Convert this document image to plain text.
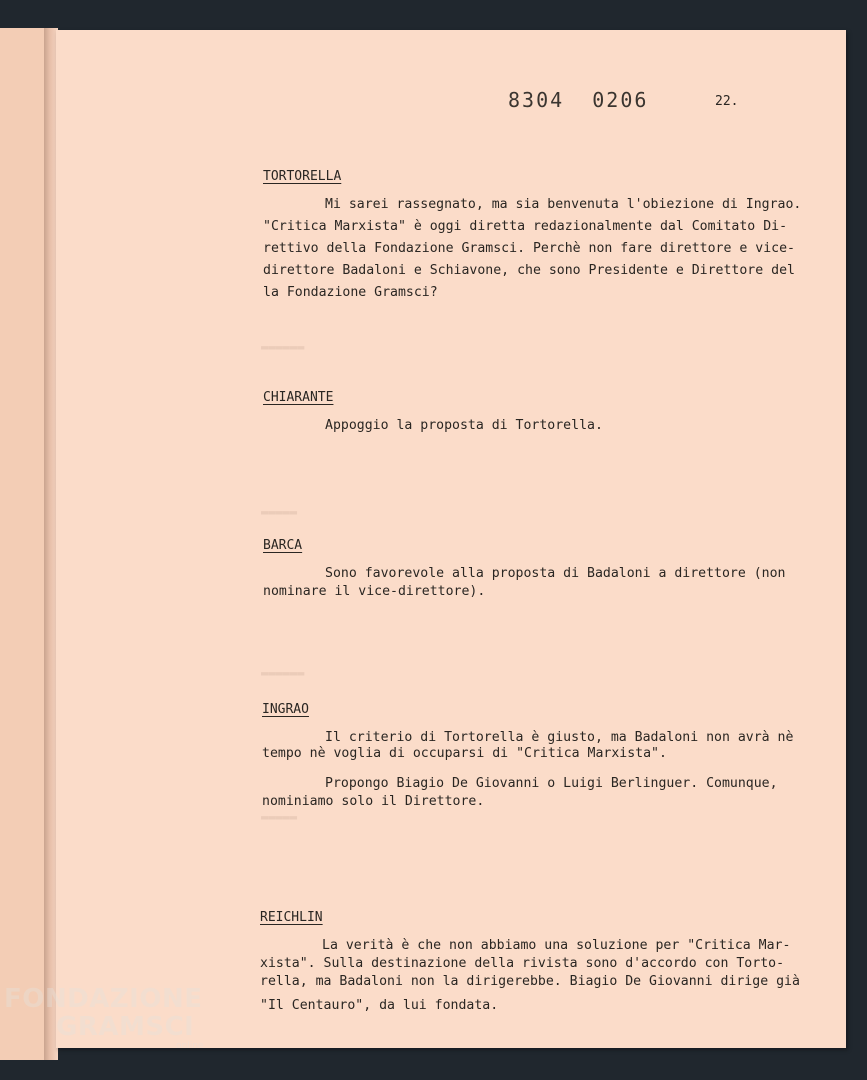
▬▬▬▬▬▬
▬▬▬▬▬
▬▬▬▬▬▬
▬▬▬▬▬
8304  0206	22.
TORTORELLA
Mi sarei rassegnato, ma sia benvenuta l'obiezione di Ingrao.
"Critica Marxista" è oggi diretta redazionalmente dal Comitato Di-
rettivo della Fondazione Gramsci. Perchè non fare direttore e vice-
direttore Badaloni e Schiavone, che sono Presidente e Direttore del
la Fondazione Gramsci?
CHIARANTE
Appoggio la proposta di Tortorella.
BARCA
Sono favorevole alla proposta di Badaloni a direttore (non
nominare il vice-direttore).
INGRAO
Il criterio di Tortorella è giusto, ma Badaloni non avrà nè
tempo nè voglia di occuparsi di "Critica Marxista".
Propongo Biagio De Giovanni o Luigi Berlinguer. Comunque,
nominiamo solo il Direttore.
REICHLIN
La verità è che non abbiamo una soluzione per "Critica Mar-
xista". Sulla destinazione della rivista sono d'accordo con Torto-
rella, ma Badaloni non la dirigerebbe. Biagio De Giovanni dirige già
"Il Centauro", da lui fondata.
FONDAZIONE
GRAMSCI
online
